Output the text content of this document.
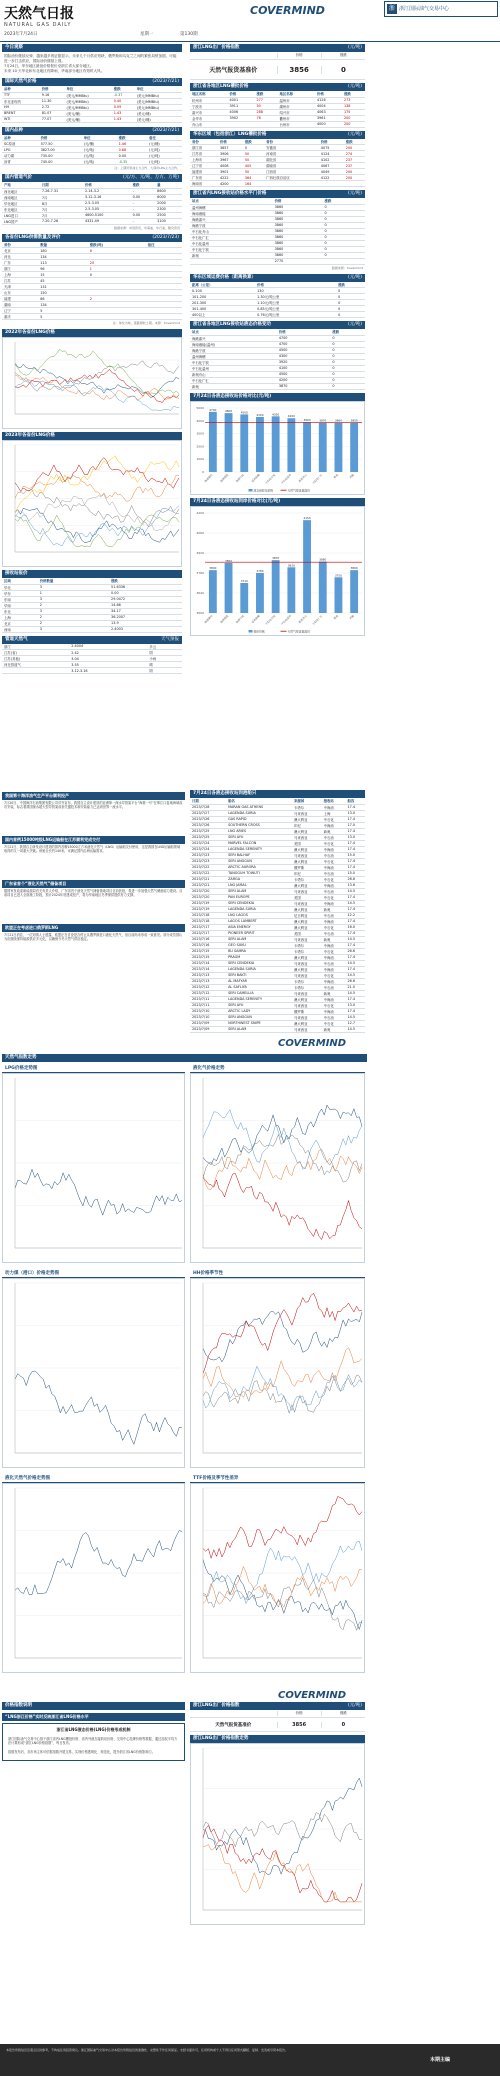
天然气日报
NATURAL GAS DAILY
2023年7月24日	星期一	第130期
COVERMIND	浙 浙江国际油气交易中心
今日观察

国际油价继续反弹，越来越多的证据显示，未来几个月供应短缺，俄罗斯和乌克兰之间的紧张局势加剧，可能进一步打击供应，国际油价继续上涨。

7月24日，华东地区最低价格报价至浙江省大部分地区。

未来 10 天华北和东北地区有降雨，华南部分地区有短时大风。

国际天然气价格	(2023/7/21)
品种	价格	单位	涨跌	单位
TTF	9.16	(美元/MMBtu)	-0.37	(美元/MMBtu)
东北亚现货	11.30	(美元/MMBtu)	0.40	(美元/MMBtu)
HH	2.72	(美元/MMBtu)	0.09	(美元/MMBtu)
BRENT	81.07	(美元/桶)	1.43	(美元/桶)
WTI	77.07	(美元/桶)	1.43	(美元/桶)
国内品种	(2023/7/21)
品种	价格	单位	涨跌	备注
SC原油	577.50	(元/桶)	1.46	(元/桶)
LPG	3827.00	(元/吨)	0.68	(元/吨)
动力煤	735.00	(元/吨)	0.00	(元/吨)
沥青	745.00	(元/吨)	-0.35	(元/吨)
注：上期所原油主力合约、大商所LPG主力合约。
国内管道气价	(元/方、元/吨、万方、万吨)
产地	日期	价格	涨跌	量
西北地区	7.26-7.31	2.14-3.2	-	8600
西南地区	7月	3.12-3.16	0.00	6000
华北地区	8月	2.5-3.05	-	2000
东北地区	7月	2.5-3.05	-	2300
LNG进口	7月	4600-5100	0.00	2500
LNG国产	7.20-7.26	4331.49	-	3100
数据来源：卓创资讯，中海油，中石油，隆众资讯
各省份LNG供需数量及评价	(2023/7/23)
省份	数量		涨跌(吨)	备注
北京	180		0	
河北	134			
广东	113		20	
浙江	96		1	
上海	15		0	
江苏	45			
天津	131			
山东	150			
福建	86		2	
湖南	134			
辽宁	5			
重庆	5			
注：单位为吨，涨跌相较上期。来源：Covermind
2022年各省份LNG价格
2023年各省份LNG价格
接收站报价
区域	价格数量		涨跌	
华北	3		51.6336	
华东	1		0.00	
东南	3		29.0472	
华南	2		14.66	
东北	3		34.17	
上海	2		36.2007	
北京	2		13.9	
西南	3		2.4003	
管道天然气	天气预报
浙江	2.4004		多云
江苏(省)	2.42		阴
江苏(其他)	3.04		小雨
河北管道气	3.55		晴
	3.12-3.16		阴
浙江LNG出厂价格指数	(元/吨)
价格	涨跌
天然气报货基准价	3856	0
浙江省各地区LNG槽批价格	(元/吨)
地区名称	价格	涨跌	地区名称	价格	涨跌
杭州市	4001	277	温州市	4126	273
宁波市	3911	50	湖州市	4004	138
嘉兴市	4006	288	绍兴市	4063	175
金华市	3902	76	衢州市	3961	200
舟山市			台州市	4000	200
华东区域（包括浙江）LNG槽批价格	(元/吨)
省份	价格	涨跌	省份	价格	涨跌
浙江省	3857	0	安徽省	4075	200
江苏省	3906	50	河南省	4124	274
上海市	3967	50	湖北省	4102	237
辽宁省	4008	405	湖南省	4067	237
福建省	3901	50	江西省	4049	200
广东省	4222	364	广西壮族自治区	4122	200
海南省	4200	164			
浙江省内LNG接收站价格水平门价格	(元/吨)
站点	价格	涨跌
温州海螺	3860	0
海南港能	3860	0
海港嘉兴	3860	0
海港宁波	3860	0
中石化舟山	3860	0
中石化广汇	3860	0
中石化温州	3860	0
中石化宁波	3860	0
新奥	3860	0
	2770	
数据来源：Covermind
华东区域运费价格（距离换算）	(元/吨)
距离（公里）	价格		涨跌
0-100	130		0
101-200	1.30元/吨公里		0
201-300	1.10元/吨公里		0
301-400	0.85元/吨公里		0
400以上	0.76元/吨公里		0
浙江省各地区LNG接收站液态价格变动	(元/吨)
站点	价格		涨跌
海港嘉兴	4700		0
海南港能(温州)	4700		0
海港宁波	4500		0
温州海螺	4300		0
中石化宁波	3920		0
中石化温州	4100		0
新奥舟山	4500		0
中石化广汇	4200		0
新奥	3870		0
7月24日各液态接收站价格对比(元/吨)
0
1000
2000
3000
4000
5000 4700
海港嘉兴
4600
海南港能
4500
海港宁波
4300
温州海螺
4350
中石化宁波
4200
中石化温州
3900
新奥舟山
3870
中石化广汇
3860
新奥
3850
其他
液态接收站价格	天然气报货基准价
7月24日各液态接收站到岸价格对比(元/吨)
3500
3640
3780
3920
4060
4200
3800
海港嘉兴
3850
海南港能
3710
海港宁波
3780
温州海螺
3870
中石化宁波
3820
中石化温州
4150
新奥舟山
3860
中石化广汇
3750
新奥
3800
其他
到岸价格	天然气报货基准价
我国第十海洋油气生产平台顺利投产
7月20日，中国海洋石油集团有限公司对外宣布，我国自主设计建造的亚洲第一深水导管架平台“海基一号”在珠江口盆地海域成功安装，标志着我国深水超大型导管架成套关键技术和安装能力已达到世界一流水平。
国内首例15000吨级LNG运输船在江苏顺利完成交付
7月21日，我国自主研发设计建造的国内首艘15000立方米液化天然气（LNG）运输船交付使用，这是我国在LNG运输船领域取得的又一项重大突破。该船全长约140米，可满足国内沿海运输需求。
广东省首个“液化天然气”储备项目
据国家发改委和能源局有关负责人介绍，广东省首个液化天然气储备基地项目日前获批，将进一步加强天然气储备能力建设。目前项目已进入全面施工阶段，预计2024年底建成投产，将为华南地区冬季保供提供有力支撑。
欧盟正在考虑进口俄罗斯LNG
7月21日消息，一位知情人士透露，欧盟正在讨论是否停止从俄罗斯进口液化天然气，但目前尚未形成一致意见。部分成员国认为应继续保持能源供应多元化，以确保今冬天然气供应稳定。
7月24日各液态接收站到港船只
日期	船名	来源国	接收站	船容
2023/7/28	MARAN GAS ATHENS	卡塔尔	中海油	17.4
2023/7/27	LAGENDA SURIA	马来西亚	上海	13.0
2023/7/26	GAS RAPID	澳大利亚	中石化	17.4
2023/7/26	SOUTHERN CROSS	印尼	中海油	17.0
2023/7/25	LNG ARIES	澳大利亚	新奥	17.4
2023/7/25	SERI AYU	马来西亚	中石油	13.0
2023/7/24	MARVEL FALCON	美国	中石化	17.4
2023/7/24	LAGENDA SERENITY	澳大利亚	中海油	17.4
2023/7/23	SERI BALHAF	马来西亚	中石油	15.0
2023/7/23	SERI ANGGUN	澳大利亚	中石化	17.4
2023/7/22	ARCTIC AURORA	俄罗斯	中海油	17.4
2023/7/22	TANGGUH TOWUTI	印尼	中石油	15.0
2023/7/21	ZARGA	卡塔尔	中石化	26.6
2023/7/21	LNG JAMAL	澳大利亚	中海油	13.6
2023/7/20	SERI ALAM	马来西亚	中石油	14.5
2023/7/20	PAN EUROPE	美国	中石化	17.4
2023/7/19	SERI CENDEKIA	马来西亚	中海油	14.5
2023/7/19	LAGENDA SURIA	澳大利亚	新奥	17.4
2023/7/18	LNG LAGOS	尼日利亚	中石油	12.2
2023/7/18	LAGOS LAMBERT	澳大利亚	中海油	17.4
2023/7/17	ASIA ENERGY	澳大利亚	中石化	16.0
2023/7/17	PIONEER SPIRIT	美国	中石油	17.4
2023/7/16	SERI ALAM	马来西亚	新奥	14.5
2023/7/16	GEO SUKU	卡塔尔	中海油	17.4
2023/7/15	BU SAMRA	卡塔尔	中石化	26.6
2023/7/15	PRAGM	澳大利亚	中海油	17.4
2023/7/14	SERI CENDEKIA	马来西亚	中石油	14.5
2023/7/14	LAGENDA SURIA	澳大利亚	中海油	17.4
2023/7/13	SERI BAKTI	马来西亚	中石化	14.5
2023/7/13	AL MAFYAR	卡塔尔	中海油	26.6
2023/7/12	AL SAFLIYA	卡塔尔	中石油	21.0
2023/7/12	SERI CAMELLIA	马来西亚	新奥	14.5
2023/7/11	LAGENDA SERENITY	澳大利亚	中海油	17.4
2023/7/11	SERI AYU	马来西亚	中石化	13.0
2023/7/10	ARCTIC LADY	俄罗斯	中海油	17.4
2023/7/10	SERI ANGGUN	马来西亚	中石油	14.5
2023/7/09	NORTHWEST SNIPE	澳大利亚	中石化	12.7
2023/7/09	SERI ALAM	马来西亚	新奥	14.5
COVERMIND
天然气指数走势
LPG价格走势图	液化气价格走势
动力煤（港口）价格走势图	HH价格季节性
液化天然气价格走势图	TTF价格及季节性差异
COVERMIND
价格指数说明
“LNG浙江价格”实时反映浙江省LNG价格水平
浙江省LNG液态价格(LNG)价格形成机制

浙江国际油气交易中心基于浙江省内LNG槽批价格、省内外液态接收站价格、交易中心挂牌价格等数据，通过加权平均方法计算形成“浙江LNG价格指数”，每日发布。

指数发布后，各市场主体可依据指数开展交易，实现价格透明化、规范化，提升浙江省LNG价格影响力。

浙江LNG出厂价格指数	(元/吨)
价格	涨跌
天然气报货基准价	3856	0
浙江LNG出厂价格指数走势
本报告所载信息及观点仅供参考，不构成任何投资建议。浙江国际油气交易中心对本报告所载信息的准确性、完整性不作任何保证。未经书面许可，任何机构或个人不得以任何形式翻版、复制、发表或引用本报告。
本期主编
